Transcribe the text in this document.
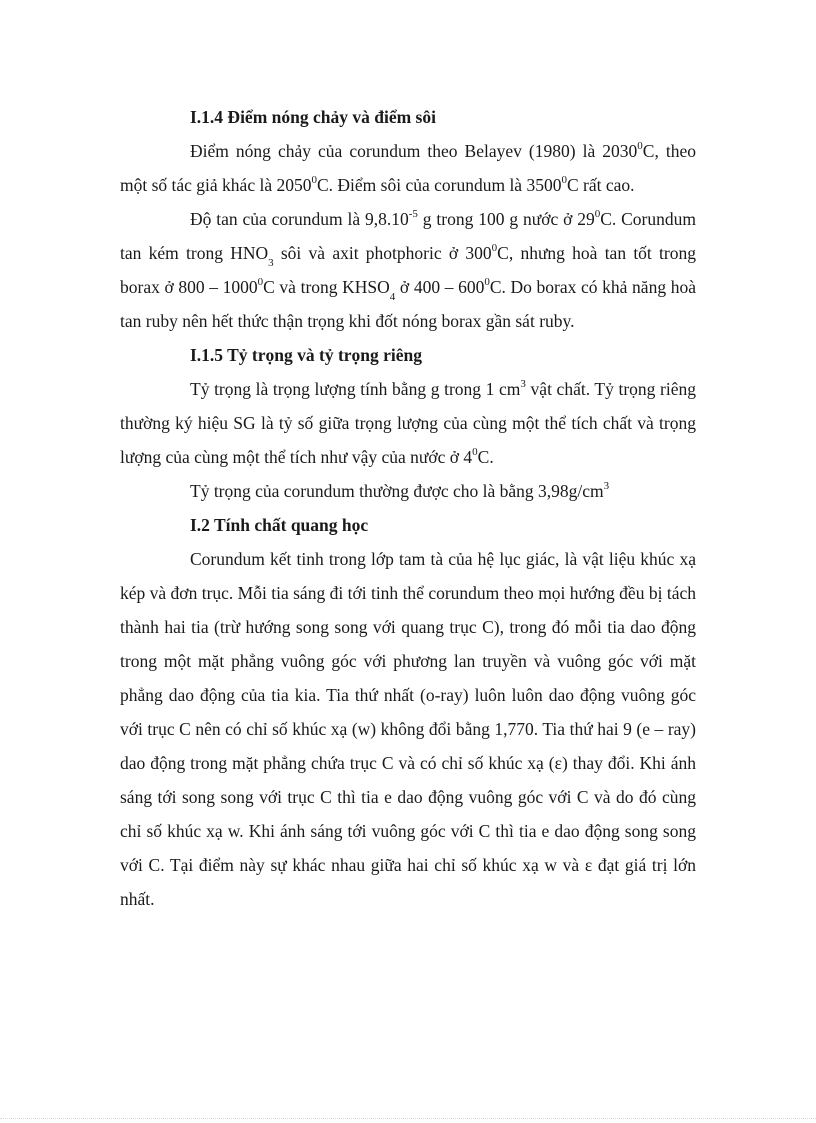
I.1.4 Điểm nóng chảy và điểm sôi

Điểm nóng chảy của corundum theo Belayev (1980) là 2030$^0$C, theo một số tác giả khác là 2050$^0$C. Điểm sôi của corundum là 3500$^0$C rất cao.

Độ tan của corundum là $9,8.10^{-5}$ g trong 100 g nước ở $29^0C$. Corundum tan kém trong $HNO_3$ sôi và axit photphoric ở $300^0C$, nhưng hoà tan tốt trong borax ở 800 – 1000$^0$C và trong $KHSO_4$ ở $400 - 600^0C$. Do borax có khả năng hoà tan ruby nên hết thức thận trọng khi đốt nóng borax gần sát ruby.

I.1.5 Tỷ trọng và tỷ trọng riêng

Tỷ trọng là trọng lượng tính bằng g trong 1 $cm^3$ vật chất. Tỷ trọng riêng thường ký hiệu SG là tỷ số giữa trọng lượng của cùng một thể tích chất và trọng lượng của cùng một thể tích như vậy của nước ở $4^0C$.

Tỷ trọng của corundum thường được cho là bằng $3,98g/cm^3$

I.2 Tính chất quang học

Corundum kết tinh trong lớp tam tà của hệ lục giác, là vật liệu khúc xạ kép và đơn trục. Mỗi tia sáng đi tới tinh thể corundum theo mọi hướng đều bị tách thành hai tia (trừ hướng song song với quang trục C), trong đó mỗi tia dao động trong một mặt phẳng vuông góc với phương lan truyền và vuông góc với mặt phẳng dao động của tia kia. Tia thứ nhất (o-ray) luôn luôn dao động vuông góc với trục C nên có chỉ số khúc xạ (w) không đổi bằng 1,770. Tia thứ hai 9 (e – ray) dao động trong mặt phẳng chứa trục C và có chỉ số khúc xạ (ε) thay đổi. Khi ánh sáng tới song song với trục C thì tia e dao động vuông góc với C và do đó cùng chỉ số khúc xạ w. Khi ánh sáng tới vuông góc với C thì tia e dao động song song với C. Tại điểm này sự khác nhau giữa hai chỉ số khúc xạ w và ε đạt giá trị lớn nhất.
